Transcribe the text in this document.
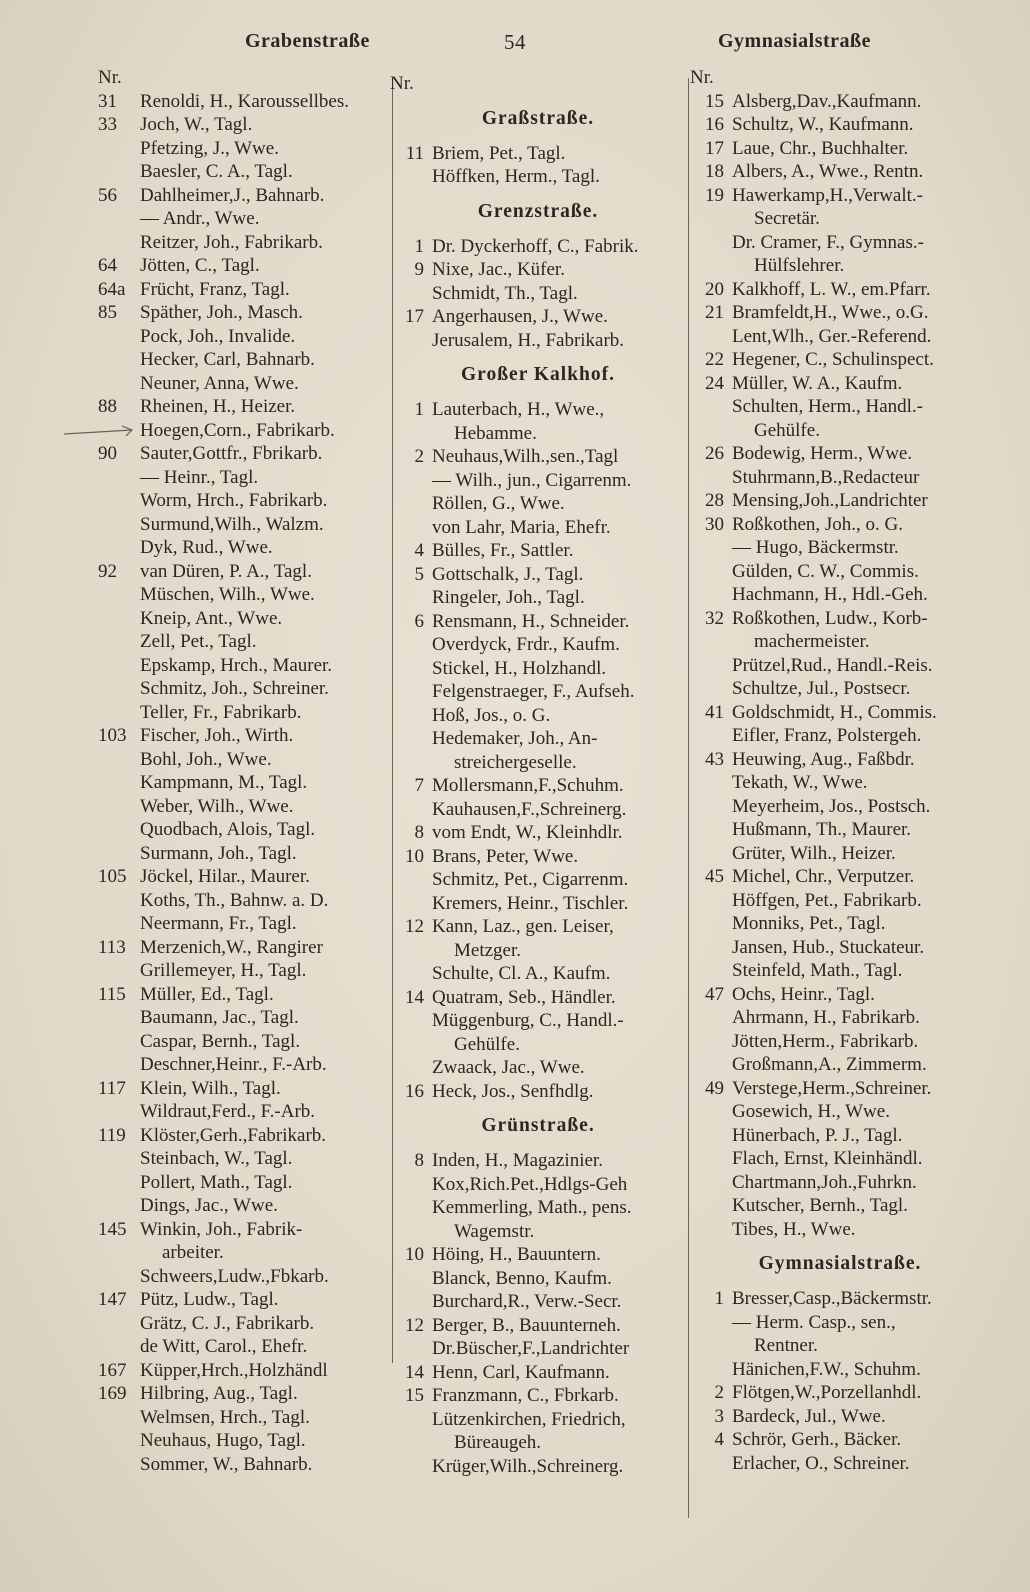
Grabenstraße	54	Gymnasialstraße
Nr.
31	Renoldi, H., Karoussellbes.
33	Joch, W., Tagl.
Pfetzing, J., Wwe.
Baesler, C. A., Tagl.
56	Dahlheimer,J., Bahnarb.
— Andr., Wwe.
Reitzer, Joh., Fabrikarb.
64	Jötten, C., Tagl.
64a Frücht, Franz, Tagl.
85	Späther, Joh., Masch.
Pock, Joh., Invalide.
Hecker, Carl, Bahnarb.
Neuner, Anna, Wwe.
88	Rheinen, H., Heizer.
Hoegen,Corn., Fabrikarb.
90	Sauter,Gottfr., Fbrikarb.
— Heinr., Tagl.
Worm, Hrch., Fabrikarb.
Surmund,Wilh., Walzm.
Dyk, Rud., Wwe.
92	van Düren, P. A., Tagl.
Müschen, Wilh., Wwe.
Kneip, Ant., Wwe.
Zell, Pet., Tagl.
Epskamp, Hrch., Maurer.
Schmitz, Joh., Schreiner.
Teller, Fr., Fabrikarb.
103 Fischer, Joh., Wirth.
Bohl, Joh., Wwe.
Kampmann, M., Tagl.
Weber, Wilh., Wwe.
Quodbach, Alois, Tagl.
Surmann, Joh., Tagl.
105 Jöckel, Hilar., Maurer.
Koths, Th., Bahnw. a. D.
Neermann, Fr., Tagl.
113 Merzenich,W., Rangirer
Grillemeyer, H., Tagl.
115 Müller, Ed., Tagl.
Baumann, Jac., Tagl.
Caspar, Bernh., Tagl.
Deschner,Heinr., F.-Arb.
117 Klein, Wilh., Tagl.
Wildraut,Ferd., F.-Arb.
119 Klöster,Gerh.,Fabrikarb.
Steinbach, W., Tagl.
Pollert, Math., Tagl.
Dings, Jac., Wwe.
145 Winkin, Joh., Fabrik-
arbeiter.
Schweers,Ludw.,Fbkarb.
147 Pütz, Ludw., Tagl.
Grätz, C. J., Fabrikarb.
de Witt, Carol., Ehefr.
167 Küpper,Hrch.,Holzhändl
169 Hilbring, Aug., Tagl.
Welmsen, Hrch., Tagl.
Neuhaus, Hugo, Tagl.
Sommer, W., Bahnarb.
Nr.
Graßstraße.
11 Briem, Pet., Tagl.
Höffken, Herm., Tagl.
Grenzstraße.
1 Dr. Dyckerhoff, C., Fabrik.
9 Nixe, Jac., Küfer.
Schmidt, Th., Tagl.
17 Angerhausen, J., Wwe.
Jerusalem, H., Fabrikarb.
Großer Kalkhof.
1 Lauterbach, H., Wwe.,
Hebamme.
2 Neuhaus,Wilh.,sen.,Tagl
— Wilh., jun., Cigarrenm.
Röllen, G., Wwe.
von Lahr, Maria, Ehefr.
4 Bülles, Fr., Sattler.
5 Gottschalk, J., Tagl.
Ringeler, Joh., Tagl.
6 Rensmann, H., Schneider.
Overdyck, Frdr., Kaufm.
Stickel, H., Holzhandl.
Felgenstraeger, F., Aufseh.
Hoß, Jos., o. G.
Hedemaker, Joh., An-
streichergeselle.
7 Mollersmann,F.,Schuhm.
Kauhausen,F.,Schreinerg.
8 vom Endt, W., Kleinhdlr.
10 Brans, Peter, Wwe.
Schmitz, Pet., Cigarrenm.
Kremers, Heinr., Tischler.
12 Kann, Laz., gen. Leiser,
Metzger.
Schulte, Cl. A., Kaufm.
14 Quatram, Seb., Händler.
Müggenburg, C., Handl.-
Gehülfe.
Zwaack, Jac., Wwe.
16 Heck, Jos., Senfhdlg.
Grünstraße.
8 Inden, H., Magazinier.
Kox,Rich.Pet.,Hdlgs-Geh
Kemmerling, Math., pens.
Wagemstr.
10 Höing, H., Bauuntern.
Blanck, Benno, Kaufm.
Burchard,R., Verw.-Secr.
12 Berger, B., Bauunterneh.
Dr.Büscher,F.,Landrichter
14 Henn, Carl, Kaufmann.
15 Franzmann, C., Fbrkarb.
Lützenkirchen, Friedrich,
Büreaugeh.
Krüger,Wilh.,Schreinerg.
Nr.
15 Alsberg,Dav.,Kaufmann.
16 Schultz, W., Kaufmann.
17 Laue, Chr., Buchhalter.
18 Albers, A., Wwe., Rentn.
19 Hawerkamp,H.,Verwalt.-
Secretär.
Dr. Cramer, F., Gymnas.-
Hülfslehrer.
20 Kalkhoff, L. W., em.Pfarr.
21 Bramfeldt,H., Wwe., o.G.
Lent,Wlh., Ger.-Referend.
22 Hegener, C., Schulinspect.
24 Müller, W. A., Kaufm.
Schulten, Herm., Handl.-
Gehülfe.
26 Bodewig, Herm., Wwe.
Stuhrmann,B.,Redacteur
28 Mensing,Joh.,Landrichter
30 Roßkothen, Joh., o. G.
— Hugo, Bäckermstr.
Gülden, C. W., Commis.
Hachmann, H., Hdl.-Geh.
32 Roßkothen, Ludw., Korb-
machermeister.
Prützel,Rud., Handl.-Reis.
Schultze, Jul., Postsecr.
41 Goldschmidt, H., Commis.
Eifler, Franz, Polstergeh.
43 Heuwing, Aug., Faßbdr.
Tekath, W., Wwe.
Meyerheim, Jos., Postsch.
Hußmann, Th., Maurer.
Grüter, Wilh., Heizer.
45 Michel, Chr., Verputzer.
Höffgen, Pet., Fabrikarb.
Monniks, Pet., Tagl.
Jansen, Hub., Stuckateur.
Steinfeld, Math., Tagl.
47 Ochs, Heinr., Tagl.
Ahrmann, H., Fabrikarb.
Jötten,Herm., Fabrikarb.
Großmann,A., Zimmerm.
49 Verstege,Herm.,Schreiner.
Gosewich, H., Wwe.
Hünerbach, P. J., Tagl.
Flach, Ernst, Kleinhändl.
Chartmann,Joh.,Fuhrkn.
Kutscher, Bernh., Tagl.
Tibes, H., Wwe.
Gymnasialstraße.
1 Bresser,Casp.,Bäckermstr.
— Herm. Casp., sen.,
Rentner.
Hänichen,F.W., Schuhm.
2 Flötgen,W.,Porzellanhdl.
3 Bardeck, Jul., Wwe.
4 Schrör, Gerh., Bäcker.
Erlacher, O., Schreiner.
